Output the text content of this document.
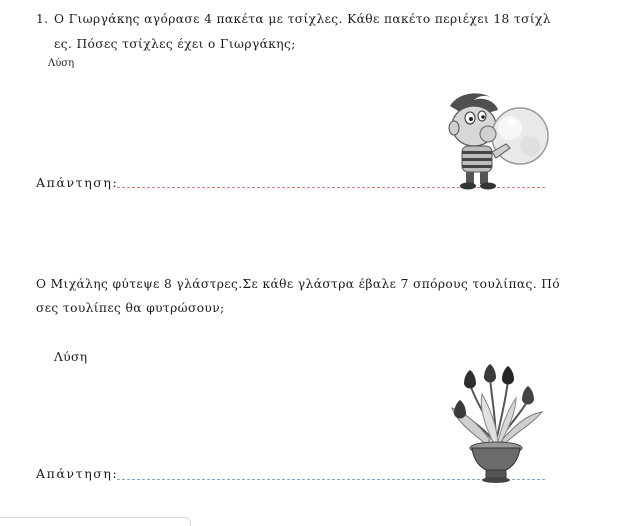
1. Ο Γιωργάκης αγόρασε 4 πακέτα με τσίχλες. Κάθε πακέτο περιέχει 18 τσίχλ
ες. Πόσες τσίχλες έχει ο Γιωργάκης;
Λύση
Απάντηση:
Ο Μιχάλης φύτεψε 8 γλάστρες.Σε κάθε γλάστρα έβαλε 7 σπόρους τουλίπας. Πό
σες τουλίπες θα φυτρώσουν;
Λύση
Απάντηση:
